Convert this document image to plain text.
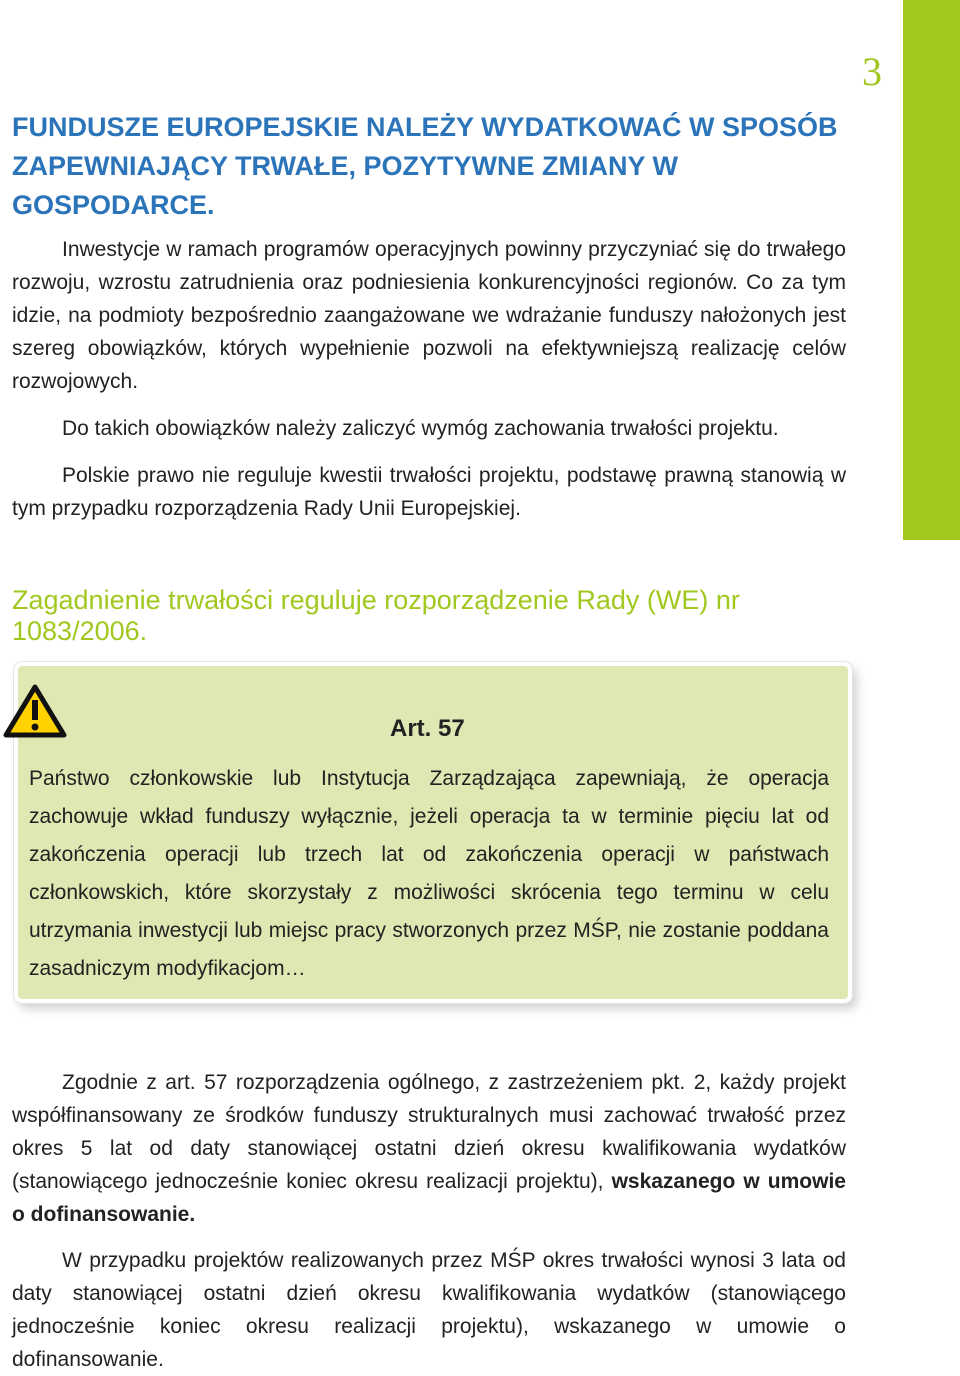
3
FUNDUSZE EUROPEJSKIE NALEŻY WYDATKOWAĆ W SPOSÓB ZAPEWNIAJĄCY TRWAŁE, POZYTYWNE ZMIANY W GOSPODARCE.

Inwestycje w ramach programów operacyjnych powinny przyczyniać się do trwałego rozwoju, wzrostu zatrudnienia oraz podniesienia konkurencyjności regionów. Co za tym idzie, na podmioty bezpośrednio zaangażowane we wdrażanie funduszy nałożonych jest szereg obowiązków, których wypełnienie pozwoli na efektywniejszą realizację celów rozwojowych.

Do takich obowiązków należy zaliczyć wymóg zachowania trwałości projektu.

Polskie prawo nie reguluje kwestii trwałości projektu, podstawę prawną stanowią w tym przypadku rozporządzenia Rady Unii Europejskiej.

Zagadnienie trwałości reguluje rozporządzenie Rady (WE) nr 1083/2006.
Art. 57

Państwo członkowskie lub Instytucja Zarządzająca zapewniają, że operacja zachowuje wkład funduszy wyłącznie, jeżeli operacja ta w terminie pięciu lat od zakończenia operacji lub trzech lat od zakończenia operacji w państwach członkowskich, które skorzystały z możliwości skrócenia tego terminu w celu utrzymania inwestycji lub miejsc pracy stworzonych przez MŚP, nie zostanie poddana zasadniczym modyfikacjom…

Zgodnie z art. 57 rozporządzenia ogólnego, z zastrzeżeniem pkt. 2, każdy projekt współfinansowany ze środków funduszy strukturalnych musi zachować trwałość przez okres 5 lat od daty stanowiącej ostatni dzień okresu kwalifikowania wydatków (stanowiącego jednocześnie koniec okresu realizacji projektu), wskazanego w umowie o dofinansowanie.

W przypadku projektów realizowanych przez MŚP okres trwałości wynosi 3 lata od daty stanowiącej ostatni dzień okresu kwalifikowania wydatków (stanowiącego jednocześnie koniec okresu realizacji projektu), wskazanego w umowie o dofinansowanie.
